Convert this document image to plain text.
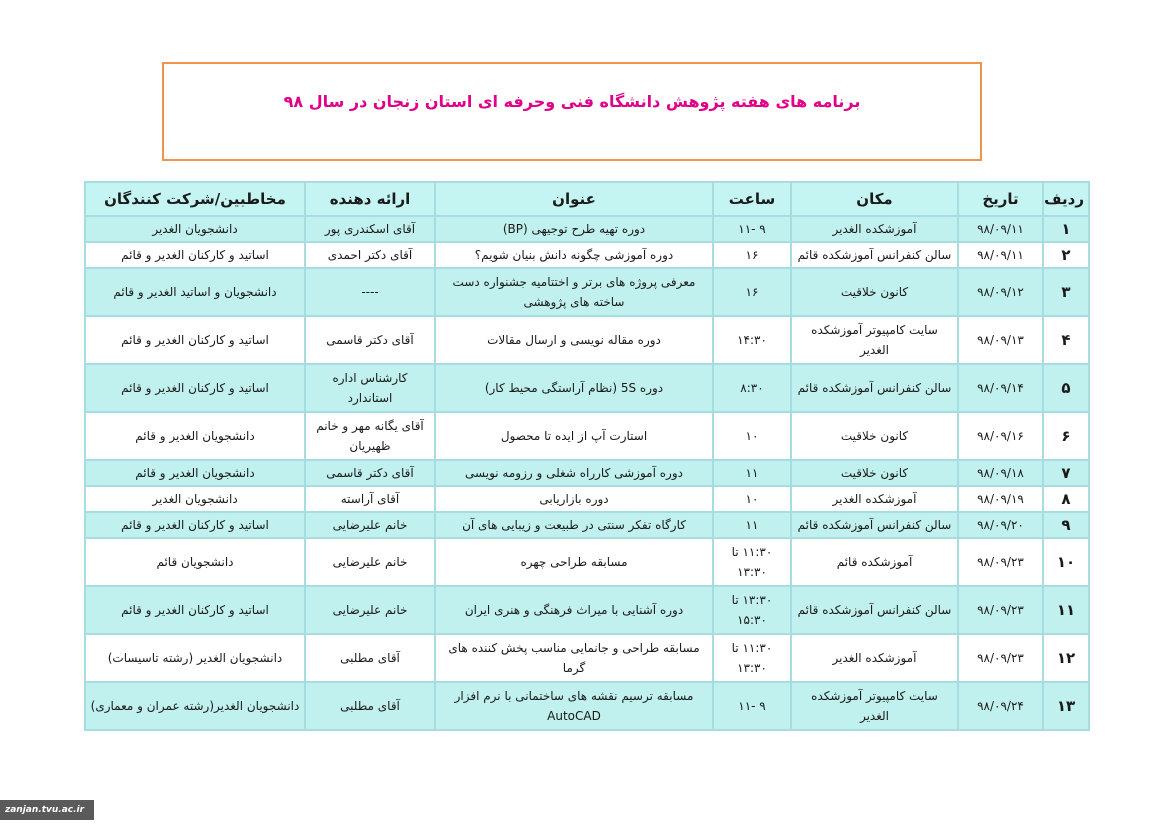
برنامه های هفته پژوهش دانشگاه فنی وحرفه ای استان زنجان در سال ۹۸
ردیف	تاریخ	مکان	ساعت	عنوان	ارائه دهنده	مخاطبین/شرکت کنندگان
۱	۹۸/۰۹/۱۱	آموزشکده الغدیر	۹ -۱۱	دوره تهیه طرح توجیهی (BP)	آقای اسکندری پور	دانشجویان الغدیر
۲	۹۸/۰۹/۱۱	سالن کنفرانس آموزشکده قائم	۱۶	دوره آموزشی چگونه دانش بنیان شویم؟	آقای دکتر احمدی	اساتید و کارکنان الغدیر و قائم
۳	۹۸/۰۹/۱۲	کانون خلاقیت	۱۶	معرفی پروژه های برتر و اختتامیه جشنواره دست ساخته های پژوهشی	----	دانشجویان و اساتید الغدیر و قائم
۴	۹۸/۰۹/۱۳	سایت کامپیوتر آموزشکده الغدیر	۱۴:۳۰	دوره مقاله نویسی و ارسال مقالات	آقای دکتر قاسمی	اساتید و کارکنان الغدیر و قائم
۵	۹۸/۰۹/۱۴	سالن کنفرانس آموزشکده قائم	۸:۳۰	دوره 5S (نظام آراستگی محیط کار)	کارشناس اداره استاندارد	اساتید و کارکنان الغدیر و قائم
۶	۹۸/۰۹/۱۶	کانون خلاقیت	۱۰	استارت آپ از ایده تا محصول	آقای یگانه مهر و خانم ظهیریان	دانشجویان الغدیر و قائم
۷	۹۸/۰۹/۱۸	کانون خلاقیت	۱۱	دوره آموزشی کارراه شغلی و رزومه نویسی	آقای دکتر قاسمی	دانشجویان الغدیر و قائم
۸	۹۸/۰۹/۱۹	آموزشکده الغدیر	۱۰	دوره بازاریابی	آقای آراسته	دانشجویان الغدیر
۹	۹۸/۰۹/۲۰	سالن کنفرانس آموزشکده قائم	۱۱	کارگاه تفکر سنتی در طبیعت و زیبایی های آن	خانم علیرضایی	اساتید و کارکنان الغدیر و قائم
۱۰	۹۸/۰۹/۲۳	آموزشکده قائم	۱۱:۳۰ تا ۱۳:۳۰	مسابقه طراحی چهره	خانم علیرضایی	دانشجویان قائم
۱۱	۹۸/۰۹/۲۳	سالن کنفرانس آموزشکده قائم	۱۳:۳۰ تا ۱۵:۳۰	دوره آشنایی با میراث فرهنگی و هنری ایران	خانم علیرضایی	اساتید و کارکنان الغدیر و قائم
۱۲	۹۸/۰۹/۲۳	آموزشکده الغدیر	۱۱:۳۰ تا ۱۳:۳۰	مسابقه طراحی و جانمایی مناسب پخش کننده های گرما	آقای مطلبی	دانشجویان الغدیر (رشته تاسیسات)
۱۳	۹۸/۰۹/۲۴	سایت کامپیوتر آموزشکده الغدیر	۹ -۱۱	مسابقه ترسیم نقشه های ساختمانی با نرم افزار AutoCAD	آقای مطلبی	دانشجویان الغدیر(رشته عمران و معماری)
zanjan.tvu.ac.ir
